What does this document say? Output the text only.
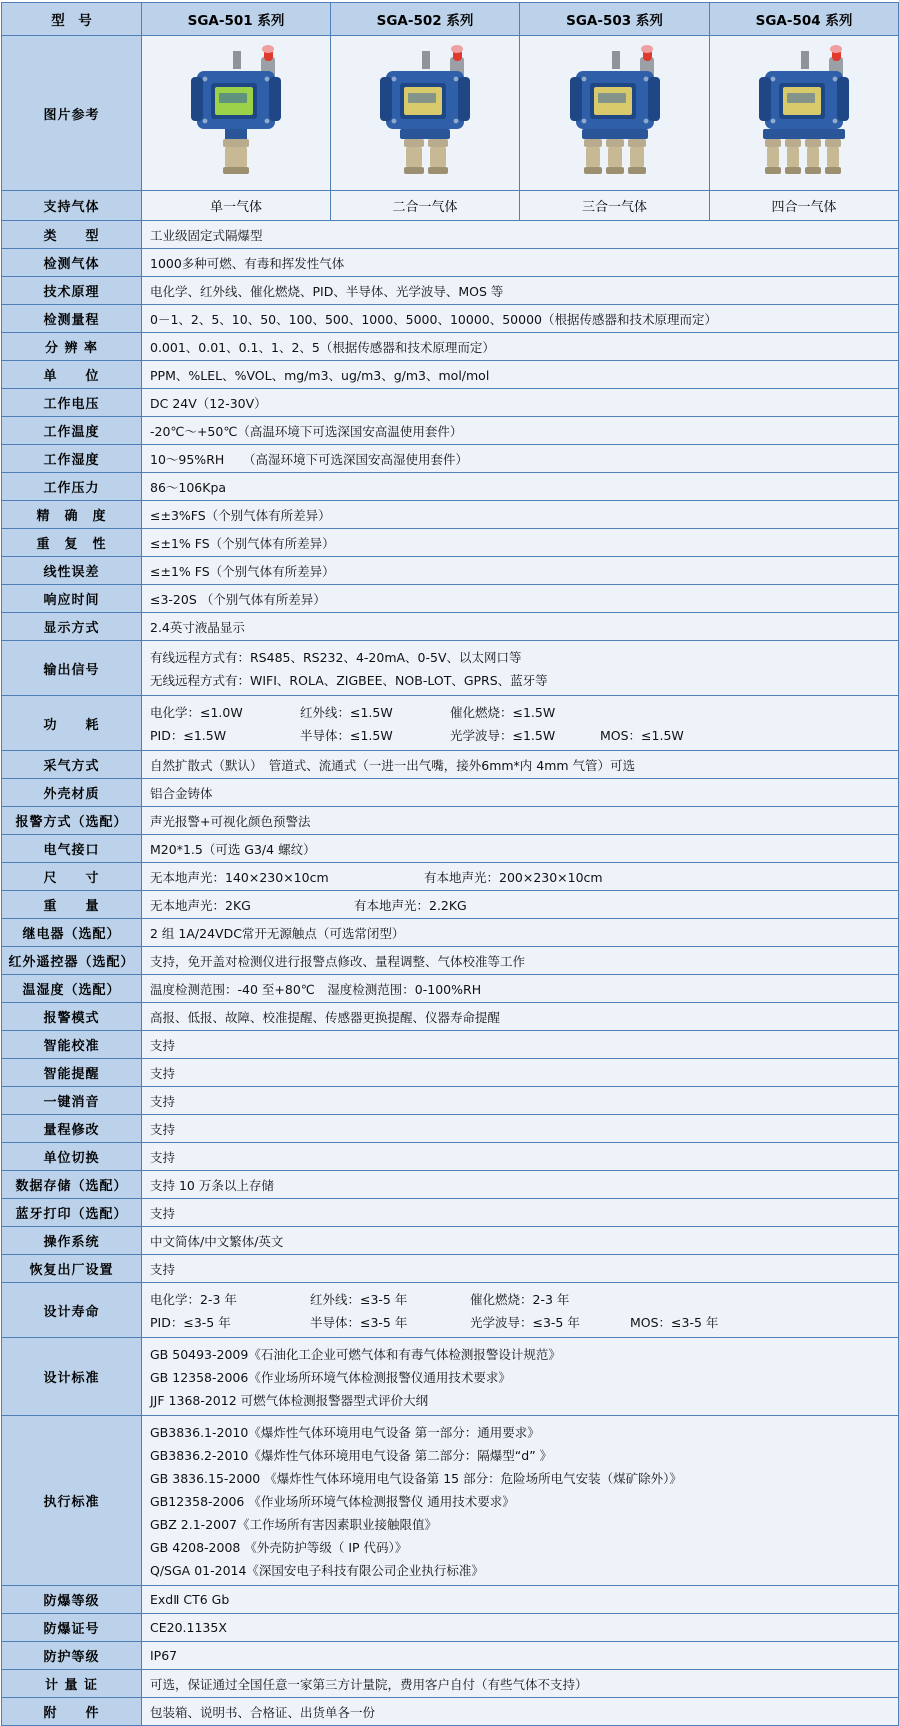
型　号	SGA-501 系列	SGA-502 系列	SGA-503 系列	SGA-504 系列
图片参考	

支持气体	单一气体	二合一气体	三合一气体	四合一气体
类　　型	工业级固定式隔爆型			
检测气体	1000多种可燃、有毒和挥发性气体			
技术原理	电化学、红外线、催化燃烧、PID、半导体、光学波导、MOS 等			
检测量程	0－1、2、5、10、50、100、500、1000、5000、10000、50000（根据传感器和技术原理而定）			
分 辨 率	0.001、0.01、0.1、1、2、5（根据传感器和技术原理而定）			
单　　位	PPM、%LEL、%VOL、mg/m3、ug/m3、g/m3、mol/mol			
工作电压	DC 24V（12-30V）			
工作温度	-20℃～+50℃（高温环境下可选深国安高温使用套件）			
工作湿度	10～95%RH　　（高湿环境下可选深国安高湿使用套件）			
工作压力	86～106Kpa			
精　确　度	≤±3%FS（个别气体有所差异）			
重　复　性	≤±1% FS（个别气体有所差异）			
线性误差	≤±1% FS（个别气体有所差异）			
响应时间	≤3-20S （个别气体有所差异）			
显示方式	2.4英寸液晶显示			
输出信号	有线远程方式有：RS485、RS232、4-20mA、0-5V、以太网口等
无线远程方式有：WIFI、ROLA、ZIGBEE、NOB-LOT、GPRS、蓝牙等			

功　　耗	
电化学：≤1.0W	红外线：≤1.5W	催化燃烧：≤1.5W
PID：≤1.5W	半导体：≤1.5W	光学波导：≤1.5W	MOS：≤1.5W

采气方式	自然扩散式（默认）　管道式、流通式（一进一出气嘴，接外6mm*内 4mm 气管）可选			
外壳材质	铝合金铸体			
报警方式（选配）	声光报警+可视化颜色预警法			
电气接口	M20*1.5（可选 G3/4 螺纹）			
尺　　寸	无本地声光：140×230×10cm 有本地声光：200×230×10cm			

重　　量	无本地声光：2KG 有本地声光：2.2KG			

继电器（选配）	2 组 1A/24VDC常开无源触点（可选常闭型）			
红外遥控器（选配）	支持，免开盖对检测仪进行报警点修改、量程调整、气体校准等工作			
温湿度（选配）	温度检测范围：-40 至+80℃　湿度检测范围：0-100%RH			
报警模式	高报、低报、故障、校准提醒、传感器更换提醒、仪器寿命提醒			
智能校准	支持			
智能提醒	支持			
一键消音	支持			
量程修改	支持			
单位切换	支持			
数据存储（选配）	支持 10 万条以上存储			
蓝牙打印（选配）	支持			
操作系统	中文简体/中文繁体/英文			
恢复出厂设置	支持			
设计寿命	
电化学：2-3 年	红外线：≤3-5 年	催化燃烧：2-3 年
PID：≤3-5 年	半导体：≤3-5 年	光学波导：≤3-5 年	MOS：≤3-5 年

设计标准	GB 50493-2009《石油化工企业可燃气体和有毒气体检测报警设计规范》
GB 12358-2006《作业场所环境气体检测报警仪通用技术要求》
JJF 1368-2012 可燃气体检测报警器型式评价大纲			

执行标准	
GB3836.1-2010《爆炸性气体环境用电气设备 第一部分：通用要求》
GB3836.2-2010《爆炸性气体环境用电气设备 第二部分：隔爆型“d” 》
GB 3836.15-2000 《爆炸性气体环境用电气设备第 15 部分：危险场所电气安装（煤矿除外）》
GB12358-2006 《作业场所环境气体检测报警仪 通用技术要求》
GBZ 2.1-2007《工作场所有害因素职业接触限值》
GB 4208-2008 《外壳防护等级（ IP 代码）》
Q/SGA 01-2014《深国安电子科技有限公司企业执行标准》

防爆等级	ExdⅡ CT6 Gb			
防爆证号	CE20.1135X			
防护等级	IP67			
计 量 证	可选，保证通过全国任意一家第三方计量院，费用客户自付（有些气体不支持）			
附　　件	包装箱、说明书、合格证、出货单各一份			
